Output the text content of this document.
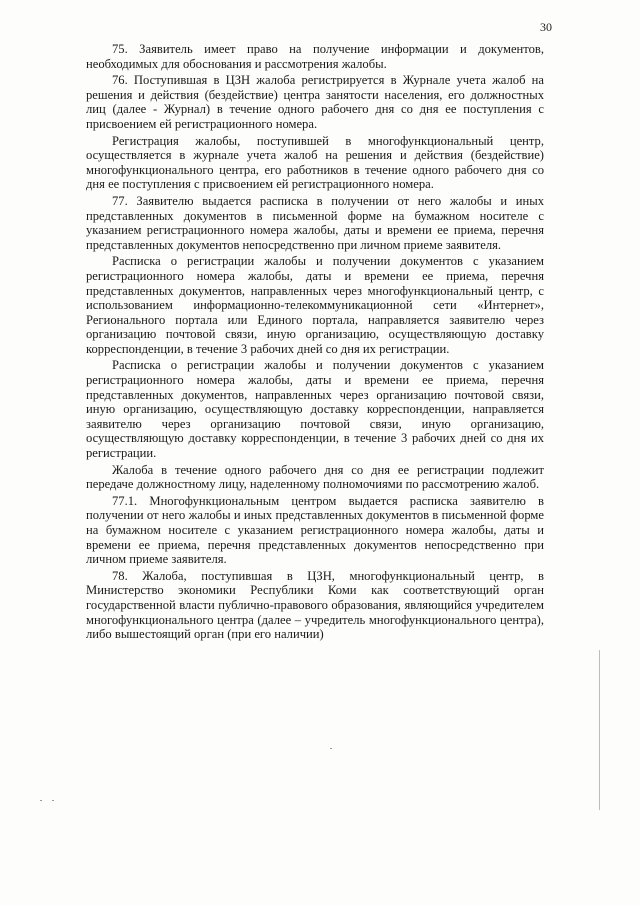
30

75. Заявитель имеет право на получение информации и документов, необходимых для обоснования и рассмотрения жалобы.

76. Поступившая в ЦЗН жалоба регистрируется в Журнале учета жалоб на решения и действия (бездействие) центра занятости населения, его должностных лиц (далее - Журнал) в течение одного рабочего дня со дня ее поступления с присвоением ей регистрационного номера.

Регистрация жалобы, поступившей в многофункциональный центр, осуществляется в журнале учета жалоб на решения и действия (бездействие) многофункционального центра, его работников в течение одного рабочего дня со дня ее поступления с присвоением ей регистрационного номера.

77. Заявителю выдается расписка в получении от него жалобы и иных представленных документов в письменной форме на бумажном носителе с указанием регистрационного номера жалобы, даты и времени ее приема, перечня представленных документов непосредственно при личном приеме заявителя.

Расписка о регистрации жалобы и получении документов с указанием регистрационного номера жалобы, даты и времени ее приема, перечня представленных документов, направленных через многофункциональный центр, с использованием информационно-телекоммуникационной сети «Интернет», Регионального портала или Единого портала, направляется заявителю через организацию почтовой связи, иную организацию, осуществляющую доставку корреспонденции, в течение 3 рабочих дней со дня их регистрации.

Расписка о регистрации жалобы и получении документов с указанием регистрационного номера жалобы, даты и времени ее приема, перечня представленных документов, направленных через организацию почтовой связи, иную организацию, осуществляющую доставку корреспонденции, направляется заявителю через организацию почтовой связи, иную организацию, осуществляющую доставку корреспонденции, в течение 3 рабочих дней со дня их регистрации.

Жалоба в течение одного рабочего дня со дня ее регистрации подлежит передаче должностному лицу, наделенному полномочиями по рассмотрению жалоб.

77.1. Многофункциональным центром выдается расписка заявителю в получении от него жалобы и иных представленных документов в письменной форме на бумажном носителе с указанием регистрационного номера жалобы, даты и времени ее приема, перечня представленных документов непосредственно при личном приеме заявителя.

78. Жалоба, поступившая в ЦЗН, многофункциональный центр, в Министерство экономики Республики Коми как соответствующий орган государственной власти публично-правового образования, являющийся учредителем многофункционального центра (далее – учредитель многофункционального центра), либо вышестоящий орган (при его наличии)
